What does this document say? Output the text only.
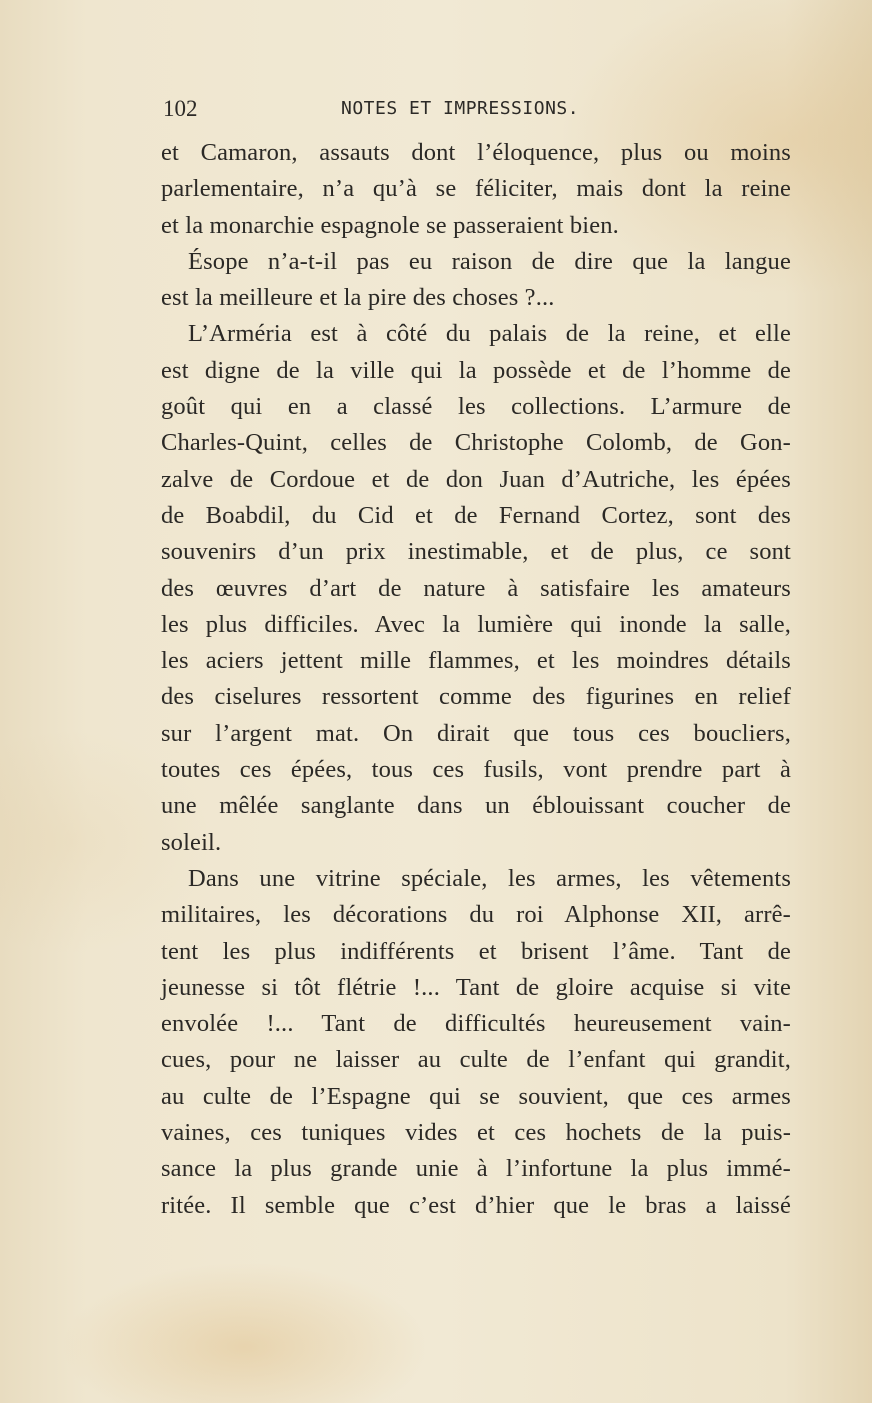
102	NOTES ET IMPRESSIONS.
et Camaron, assauts dont l’éloquence, plus ou moins
parlementaire, n’a qu’à se féliciter, mais dont la reine
et la monarchie espagnole se passeraient bien.
Ésope n’a-t-il pas eu raison de dire que la langue
est la meilleure et la pire des choses ?...
L’Arméria est à côté du palais de la reine, et elle
est digne de la ville qui la possède et de l’homme de
goût qui en a classé les collections. L’armure de
Charles-Quint, celles de Christophe Colomb, de Gon-
zalve de Cordoue et de don Juan d’Autriche, les épées
de Boabdil, du Cid et de Fernand Cortez, sont des
souvenirs d’un prix inestimable, et de plus, ce sont
des œuvres d’art de nature à satisfaire les amateurs
les plus difficiles. Avec la lumière qui inonde la salle,
les aciers jettent mille flammes, et les moindres détails
des ciselures ressortent comme des figurines en relief
sur l’argent mat. On dirait que tous ces boucliers,
toutes ces épées, tous ces fusils, vont prendre part à
une mêlée sanglante dans un éblouissant coucher de
soleil.
Dans une vitrine spéciale, les armes, les vêtements
militaires, les décorations du roi Alphonse XII, arrê-
tent les plus indifférents et brisent l’âme. Tant de
jeunesse si tôt flétrie !... Tant de gloire acquise si vite
envolée !... Tant de difficultés heureusement vain-
cues, pour ne laisser au culte de l’enfant qui grandit,
au culte de l’Espagne qui se souvient, que ces armes
vaines, ces tuniques vides et ces hochets de la puis-
sance la plus grande unie à l’infortune la plus immé-
ritée. Il semble que c’est d’hier que le bras a laissé
